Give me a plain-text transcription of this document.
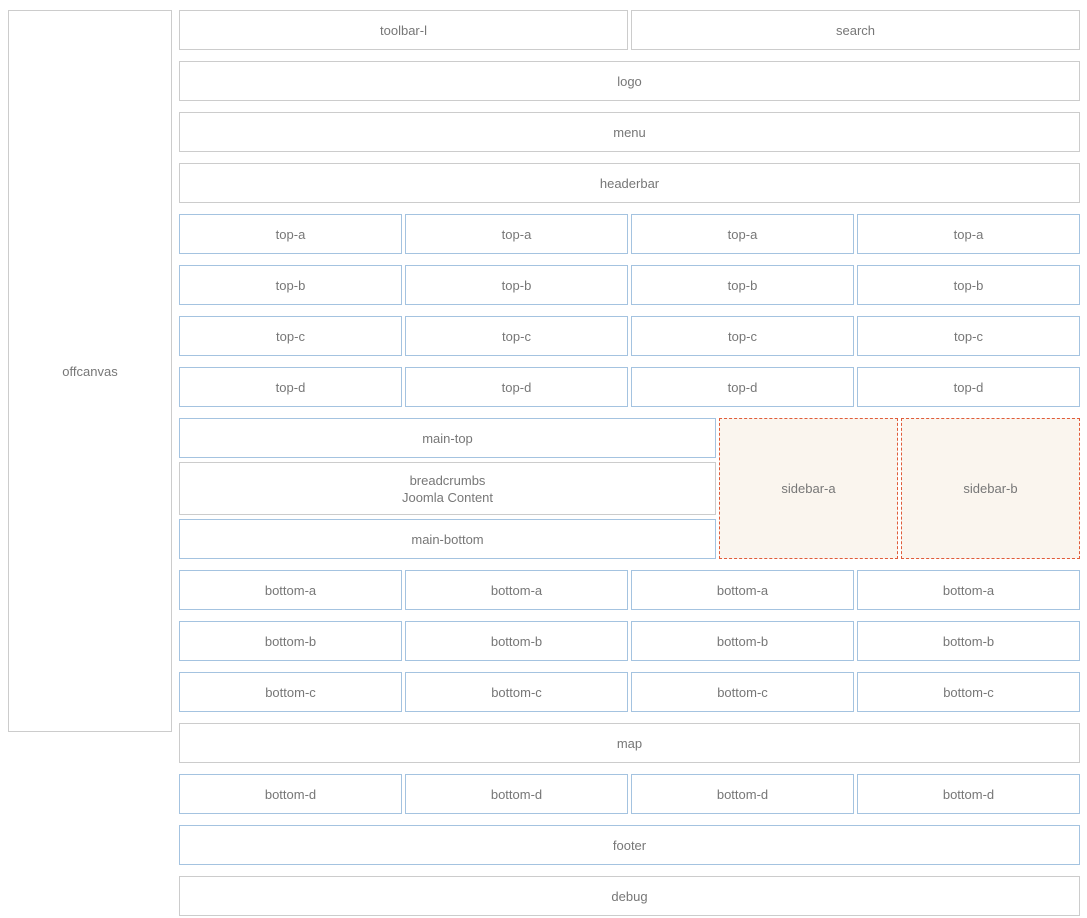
offcanvas
toolbar-l	search
logo
menu
headerbar
top-a	top-a	top-a	top-a
top-b	top-b	top-b	top-b
top-c	top-c	top-c	top-c
top-d	top-d	top-d	top-d
main-top
breadcrumbs
Joomla Content
main-bottom
sidebar-a	sidebar-b
bottom-a	bottom-a	bottom-a	bottom-a
bottom-b	bottom-b	bottom-b	bottom-b
bottom-c	bottom-c	bottom-c	bottom-c
map
bottom-d	bottom-d	bottom-d	bottom-d
footer
debug
